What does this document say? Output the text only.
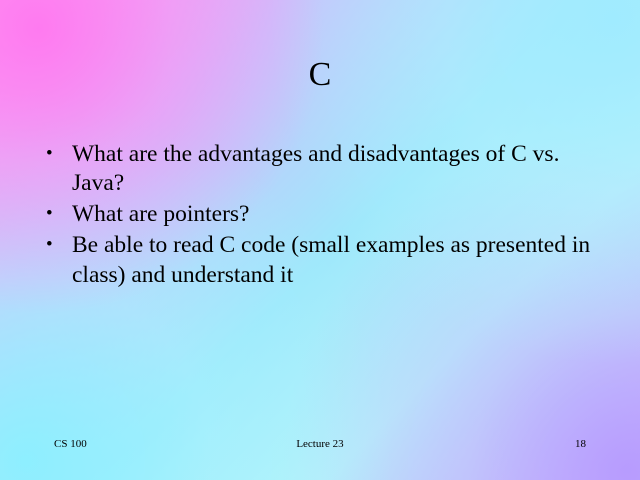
C
• What are the advantages and disadvantages of C vs. Java?
• What are pointers?
• Be able to read C code (small examples as presented in class) and understand it
CS 100	Lecture 23	18
